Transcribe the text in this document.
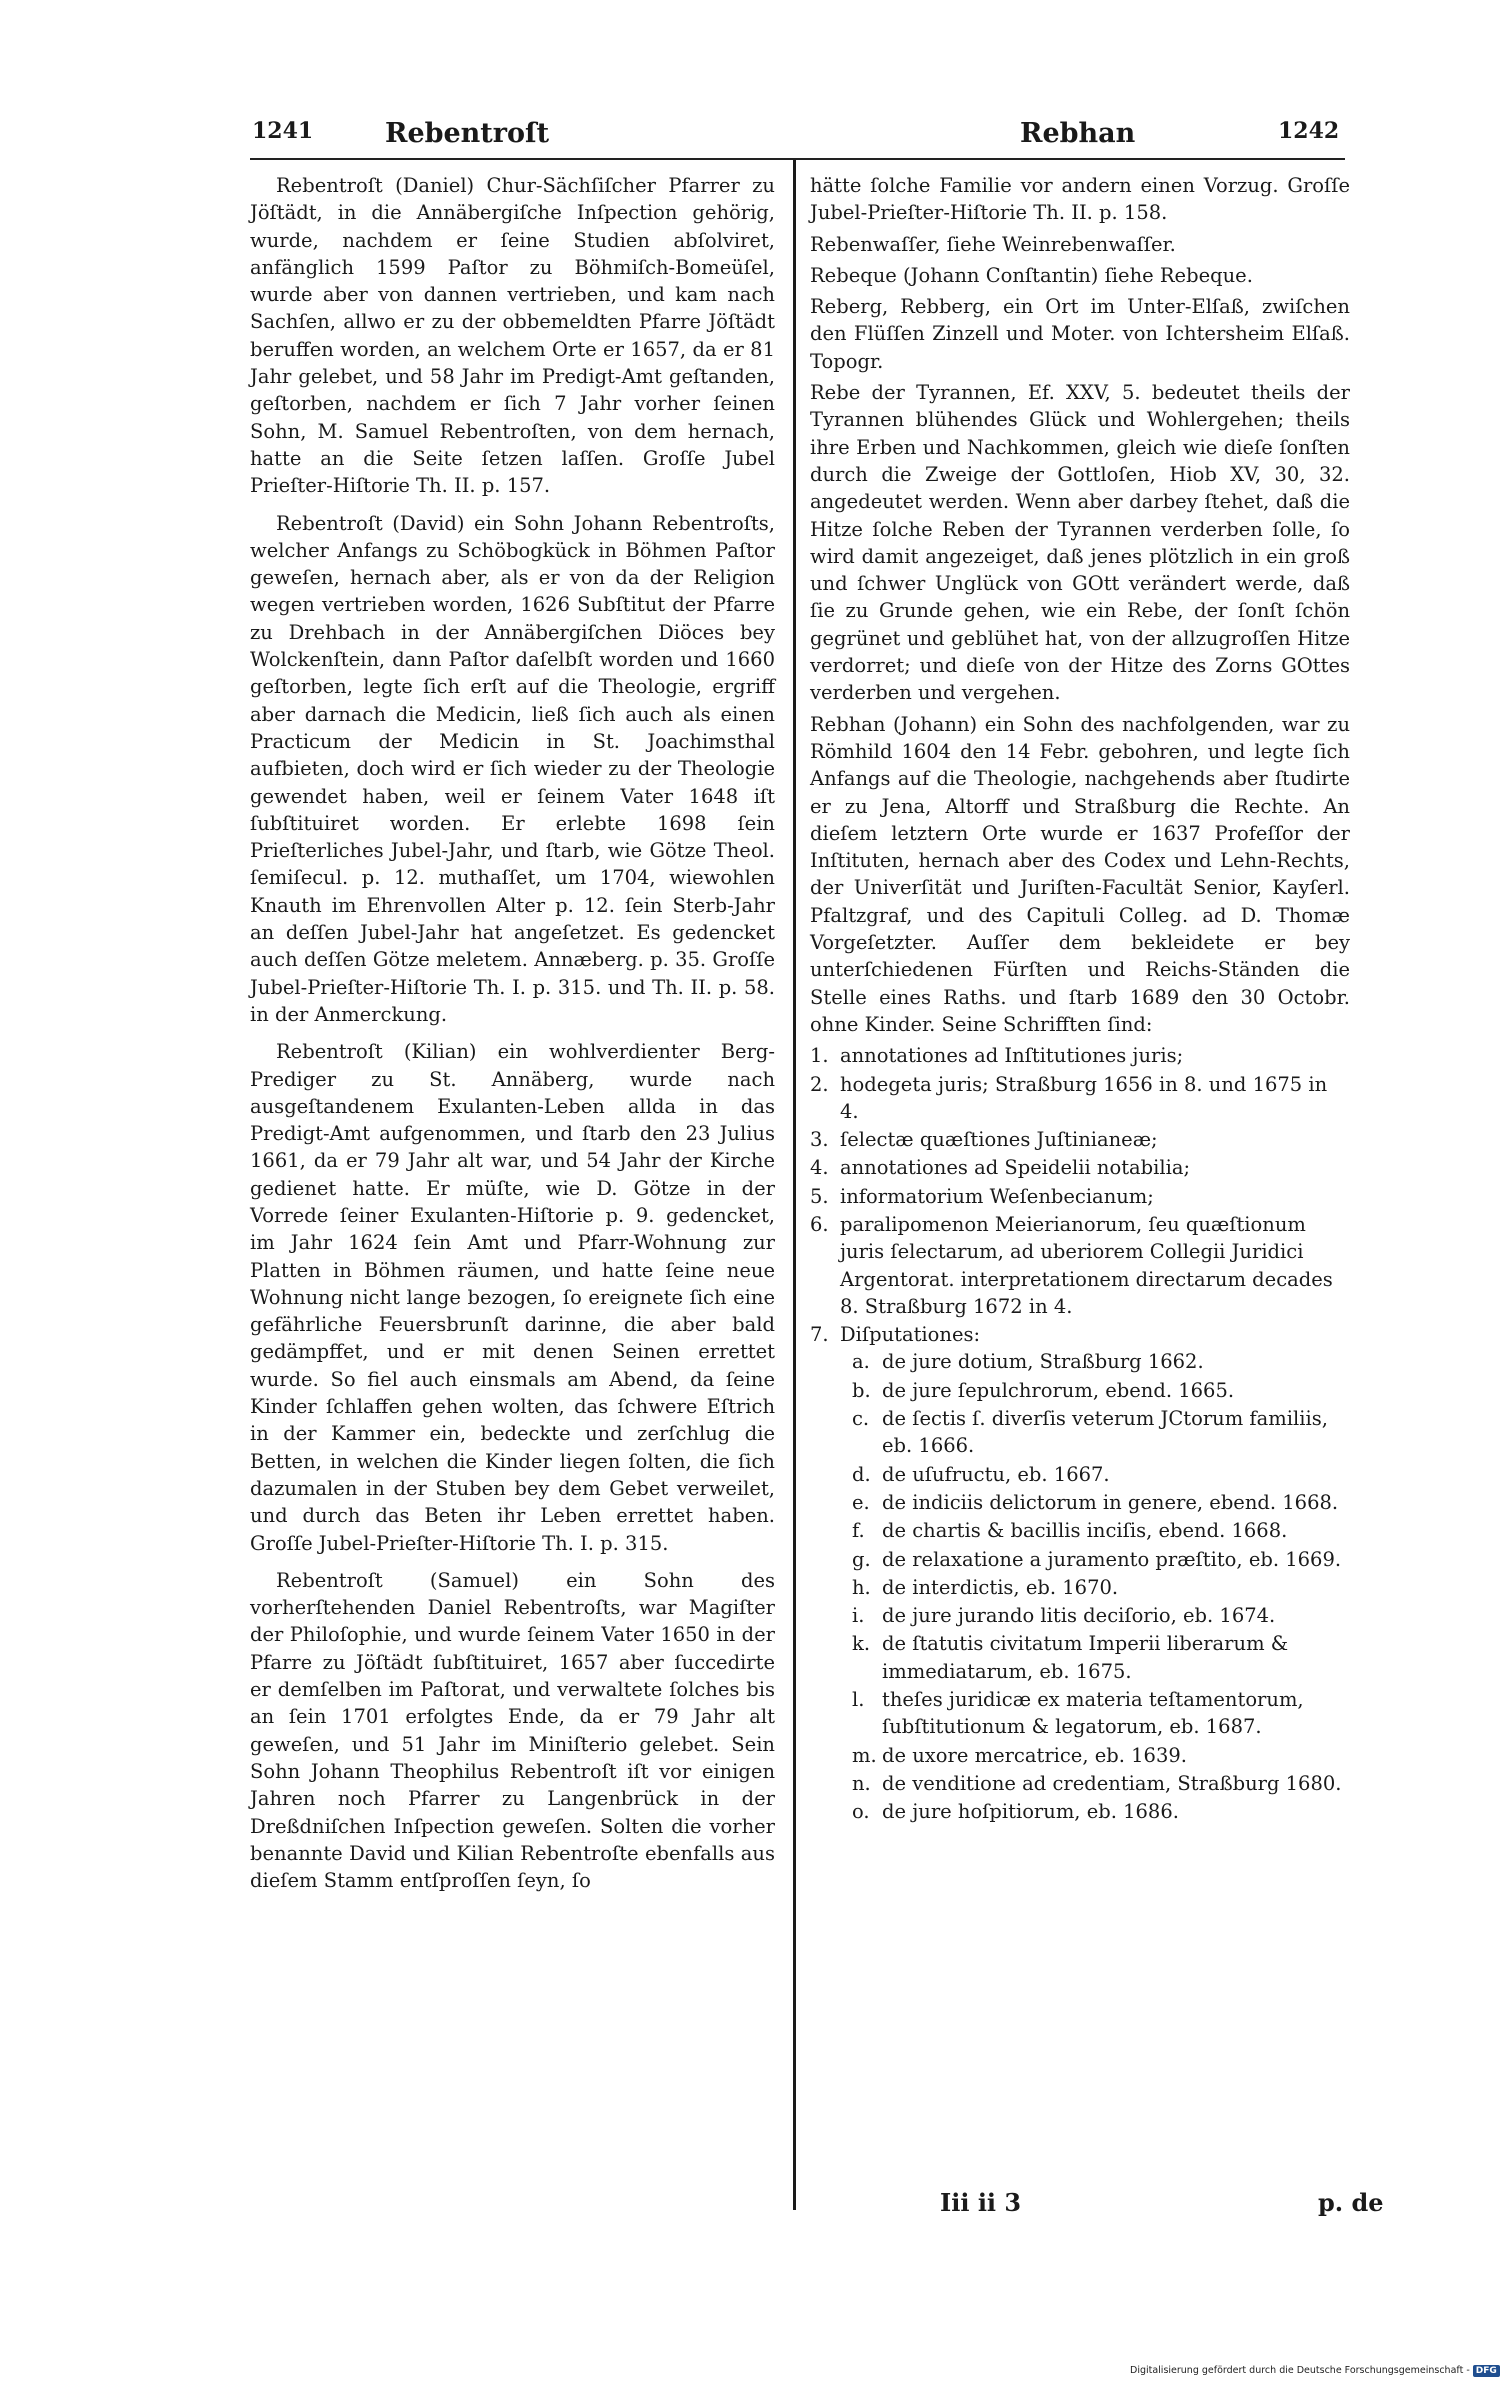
1241	Rebentroſt	Rebhan	1242

Rebentroſt (Daniel) Chur-Sächſiſcher Pfarrer zu Jöſtädt, in die Annäbergiſche Inſpection gehörig, wurde, nachdem er ſeine Studien abſolviret, anfänglich 1599 Paſtor zu Böhmiſch-Bomeüſel, wurde aber von dannen vertrieben, und kam nach Sachſen, allwo er zu der obbemeldten Pfarre Jöſtädt beruffen worden, an welchem Orte er 1657, da er 81 Jahr gelebet, und 58 Jahr im Predigt-Amt geſtanden, geſtorben, nachdem er ſich 7 Jahr vorher ſeinen Sohn, M. Samuel Rebentroſten, von dem hernach, hatte an die Seite ſetzen laſſen. Groſſe Jubel Prieſter-Hiſtorie Th. II. p. 157.

Rebentroſt (David) ein Sohn Johann Rebentroſts, welcher Anfangs zu Schöbogkück in Böhmen Paſtor geweſen, hernach aber, als er von da der Religion wegen vertrieben worden, 1626 Subſtitut der Pfarre zu Drehbach in der Annäbergiſchen Diöces bey Wolckenſtein, dann Paſtor daſelbſt worden und 1660 geſtorben, legte ſich erſt auf die Theologie, ergriff aber darnach die Medicin, ließ ſich auch als einen Practicum der Medicin in St. Joachimsthal aufbieten, doch wird er ſich wieder zu der Theologie gewendet haben, weil er ſeinem Vater 1648 iſt ſubſtituiret worden. Er erlebte 1698 ſein Prieſterliches Jubel-Jahr, und ſtarb, wie Götze Theol. ſemiſecul. p. 12. muthaſſet, um 1704, wiewohlen Knauth im Ehrenvollen Alter p. 12. ſein Sterb-Jahr an deſſen Jubel-Jahr hat angeſetzet. Es gedencket auch deſſen Götze meletem. Annæberg. p. 35. Groſſe Jubel-Prieſter-Hiſtorie Th. I. p. 315. und Th. II. p. 58. in der Anmerckung.

Rebentroſt (Kilian) ein wohlverdienter Berg-Prediger zu St. Annäberg, wurde nach ausgeſtandenem Exulanten-Leben allda in das Predigt-Amt aufgenommen, und ſtarb den 23 Julius 1661, da er 79 Jahr alt war, und 54 Jahr der Kirche gedienet hatte. Er müſte, wie D. Götze in der Vorrede ſeiner Exulanten-Hiſtorie p. 9. gedencket, im Jahr 1624 ſein Amt und Pfarr-Wohnung zur Platten in Böhmen räumen, und hatte ſeine neue Wohnung nicht lange bezogen, ſo ereignete ſich eine gefährliche Feuersbrunſt darinne, die aber bald gedämpffet, und er mit denen Seinen errettet wurde. So fiel auch einsmals am Abend, da ſeine Kinder ſchlaffen gehen wolten, das ſchwere Eſtrich in der Kammer ein, bedeckte und zerſchlug die Betten, in welchen die Kinder liegen ſolten, die ſich dazumalen in der Stuben bey dem Gebet verweilet, und durch das Beten ihr Leben errettet haben. Groſſe Jubel-Prieſter-Hiſtorie Th. I. p. 315.

Rebentroſt (Samuel) ein Sohn des vorherſtehenden Daniel Rebentroſts, war Magiſter der Philoſophie, und wurde ſeinem Vater 1650 in der Pfarre zu Jöſtädt ſubſtituiret, 1657 aber ſuccedirte er demſelben im Paſtorat, und verwaltete ſolches bis an ſein 1701 erfolgtes Ende, da er 79 Jahr alt geweſen, und 51 Jahr im Miniſterio gelebet. Sein Sohn Johann Theophilus Rebentroſt iſt vor einigen Jahren noch Pfarrer zu Langenbrück in der Dreßdniſchen Inſpection geweſen. Solten die vorher benannte David und Kilian Rebentroſte ebenfalls aus dieſem Stamm entſproſſen ſeyn, ſo

hätte ſolche Familie vor andern einen Vorzug. Groſſe Jubel-Prieſter-Hiſtorie Th. II. p. 158.

Rebenwaſſer, ſiehe Weinrebenwaſſer.

Rebeque (Johann Conſtantin) ſiehe Rebeque.

Reberg, Rebberg, ein Ort im Unter-Elſaß, zwiſchen den Flüſſen Zinzell und Moter. von Ichtersheim Elſaß. Topogr.

Rebe der Tyrannen, Ef. XXV, 5. bedeutet theils der Tyrannen blühendes Glück und Wohlergehen; theils ihre Erben und Nachkommen, gleich wie dieſe ſonſten durch die Zweige der Gottloſen, Hiob XV, 30, 32. angedeutet werden. Wenn aber darbey ſtehet, daß die Hitze ſolche Reben der Tyrannen verderben ſolle, ſo wird damit angezeiget, daß jenes plötzlich in ein groß und ſchwer Unglück von GOtt verändert werde, daß ſie zu Grunde gehen, wie ein Rebe, der ſonſt ſchön gegrünet und geblühet hat, von der allzugroſſen Hitze verdorret; und dieſe von der Hitze des Zorns GOttes verderben und vergehen.

Rebhan (Johann) ein Sohn des nachfolgenden, war zu Römhild 1604 den 14 Febr. gebohren, und legte ſich Anfangs auf die Theologie, nachgehends aber ſtudirte er zu Jena, Altorff und Straßburg die Rechte. An dieſem letztern Orte wurde er 1637 Profeſſor der Inſtituten, hernach aber des Codex und Lehn-Rechts, der Univerſität und Juriſten-Facultät Senior, Kayſerl. Pfaltzgraf, und des Capituli Colleg. ad D. Thomæ Vorgeſetzter. Auſſer dem bekleidete er bey unterſchiedenen Fürſten und Reichs-Ständen die Stelle eines Raths. und ſtarb 1689 den 30 Octobr. ohne Kinder. Seine Schrifften ſind:

1. annotationes ad Inſtitutiones juris;
2. hodegeta juris; Straßburg 1656 in 8. und 1675 in 4.
3. ſelectæ quæſtiones Juſtinianeæ;
4. annotationes ad Speidelii notabilia;
5. informatorium Weſenbecianum;
6. paralipomenon Meierianorum, ſeu quæſtionum juris ſelectarum, ad uberiorem Collegii Juridici Argentorat. interpretationem directarum decades 8. Straßburg 1672 in 4.
7. Diſputationes:
a. de jure dotium, Straßburg 1662.
b. de jure ſepulchrorum, ebend. 1665.
c. de ſectis ſ. diverſis veterum JCtorum familiis, eb. 1666.
d. de uſufructu, eb. 1667.
e. de indiciis delictorum in genere, ebend. 1668.
f. de chartis & bacillis inciſis, ebend. 1668.
g. de relaxatione a juramento præſtito, eb. 1669.
h. de interdictis, eb. 1670.
i. de jure jurando litis deciſorio, eb. 1674.
k. de ſtatutis civitatum Imperii liberarum & immediatarum, eb. 1675.
l. theſes juridicæ ex materia teſtamentorum, ſubſtitutionum & legatorum, eb. 1687.
m. de uxore mercatrice, eb. 1639.
n. de venditione ad credentiam, Straßburg 1680.
o. de jure hoſpitiorum, eb. 1686.
Iii ii 3	p. de
Digitalisierung gefördert durch die Deutsche Forschungsgemeinschaft - DFG
